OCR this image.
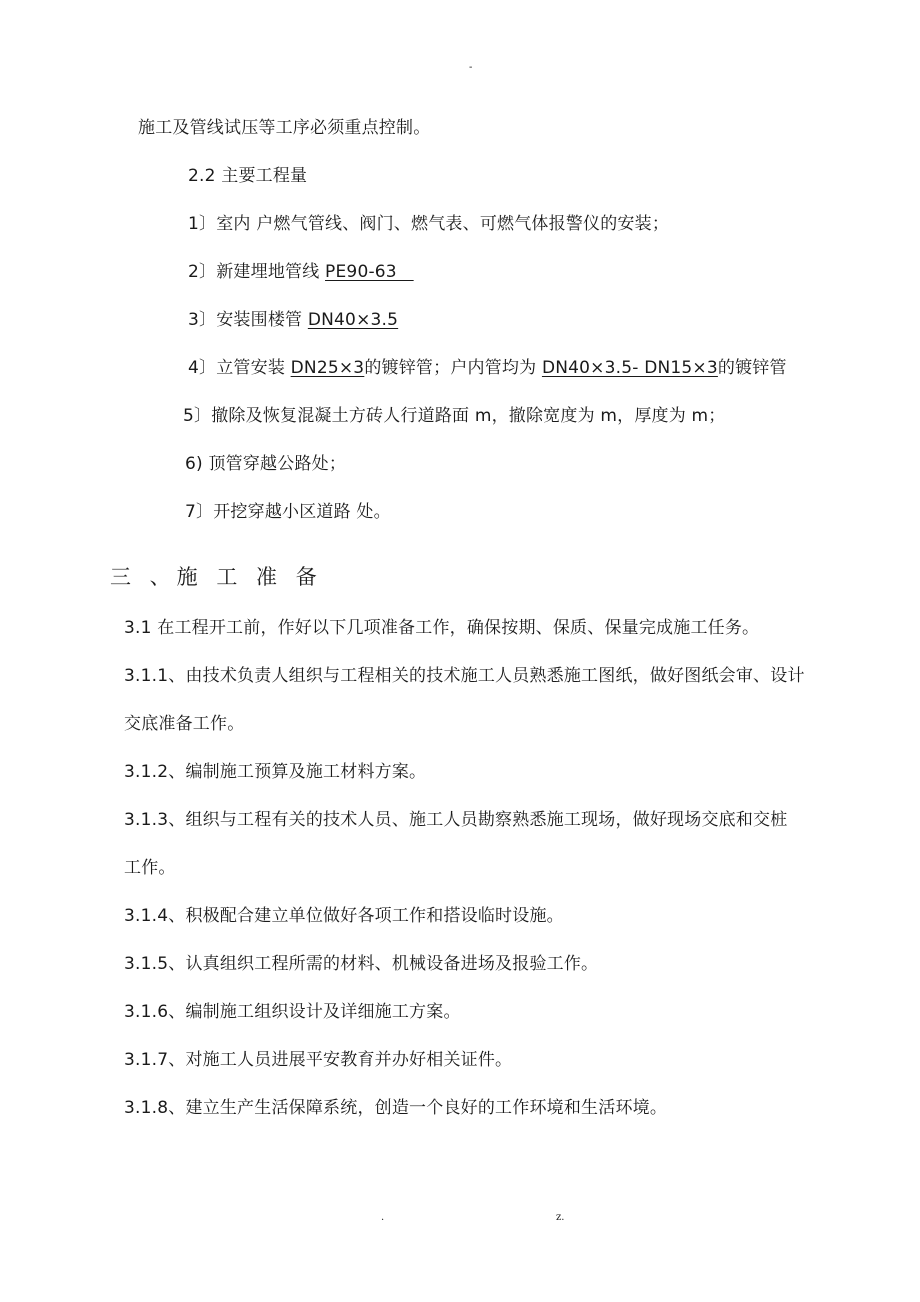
-
施工及管线试压等工序必须重点控制。
2.2 主要工程量
1〕室内 户燃气管线、阀门、燃气表、可燃气体报警仪的安装；
2〕新建埋地管线 PE90-63
3〕安装围楼管 DN40×3.5
4〕立管安装 DN25×3的镀锌管；户内管均为 DN40×3.5- DN15×3的镀锌管
5〕撤除及恢复混凝土方砖人行道路面 m，撤除宽度为 m，厚度为 m；
6) 顶管穿越公路处；
7〕开挖穿越小区道路 处。
三 、施 工 准 备
3.1 在工程开工前，作好以下几项准备工作，确保按期、保质、保量完成施工任务。
3.1.1、由技术负责人组织与工程相关的技术施工人员熟悉施工图纸，做好图纸会审、设计
交底准备工作。
3.1.2、编制施工预算及施工材料方案。
3.1.3、组织与工程有关的技术人员、施工人员勘察熟悉施工现场，做好现场交底和交桩
工作。
3.1.4、积极配合建立单位做好各项工作和搭设临时设施。
3.1.5、认真组织工程所需的材料、机械设备进场及报验工作。
3.1.6、编制施工组织设计及详细施工方案。
3.1.7、对施工人员进展平安教育并办好相关证件。
3.1.8、建立生产生活保障系统，创造一个良好的工作环境和生活环境。
.	z.
